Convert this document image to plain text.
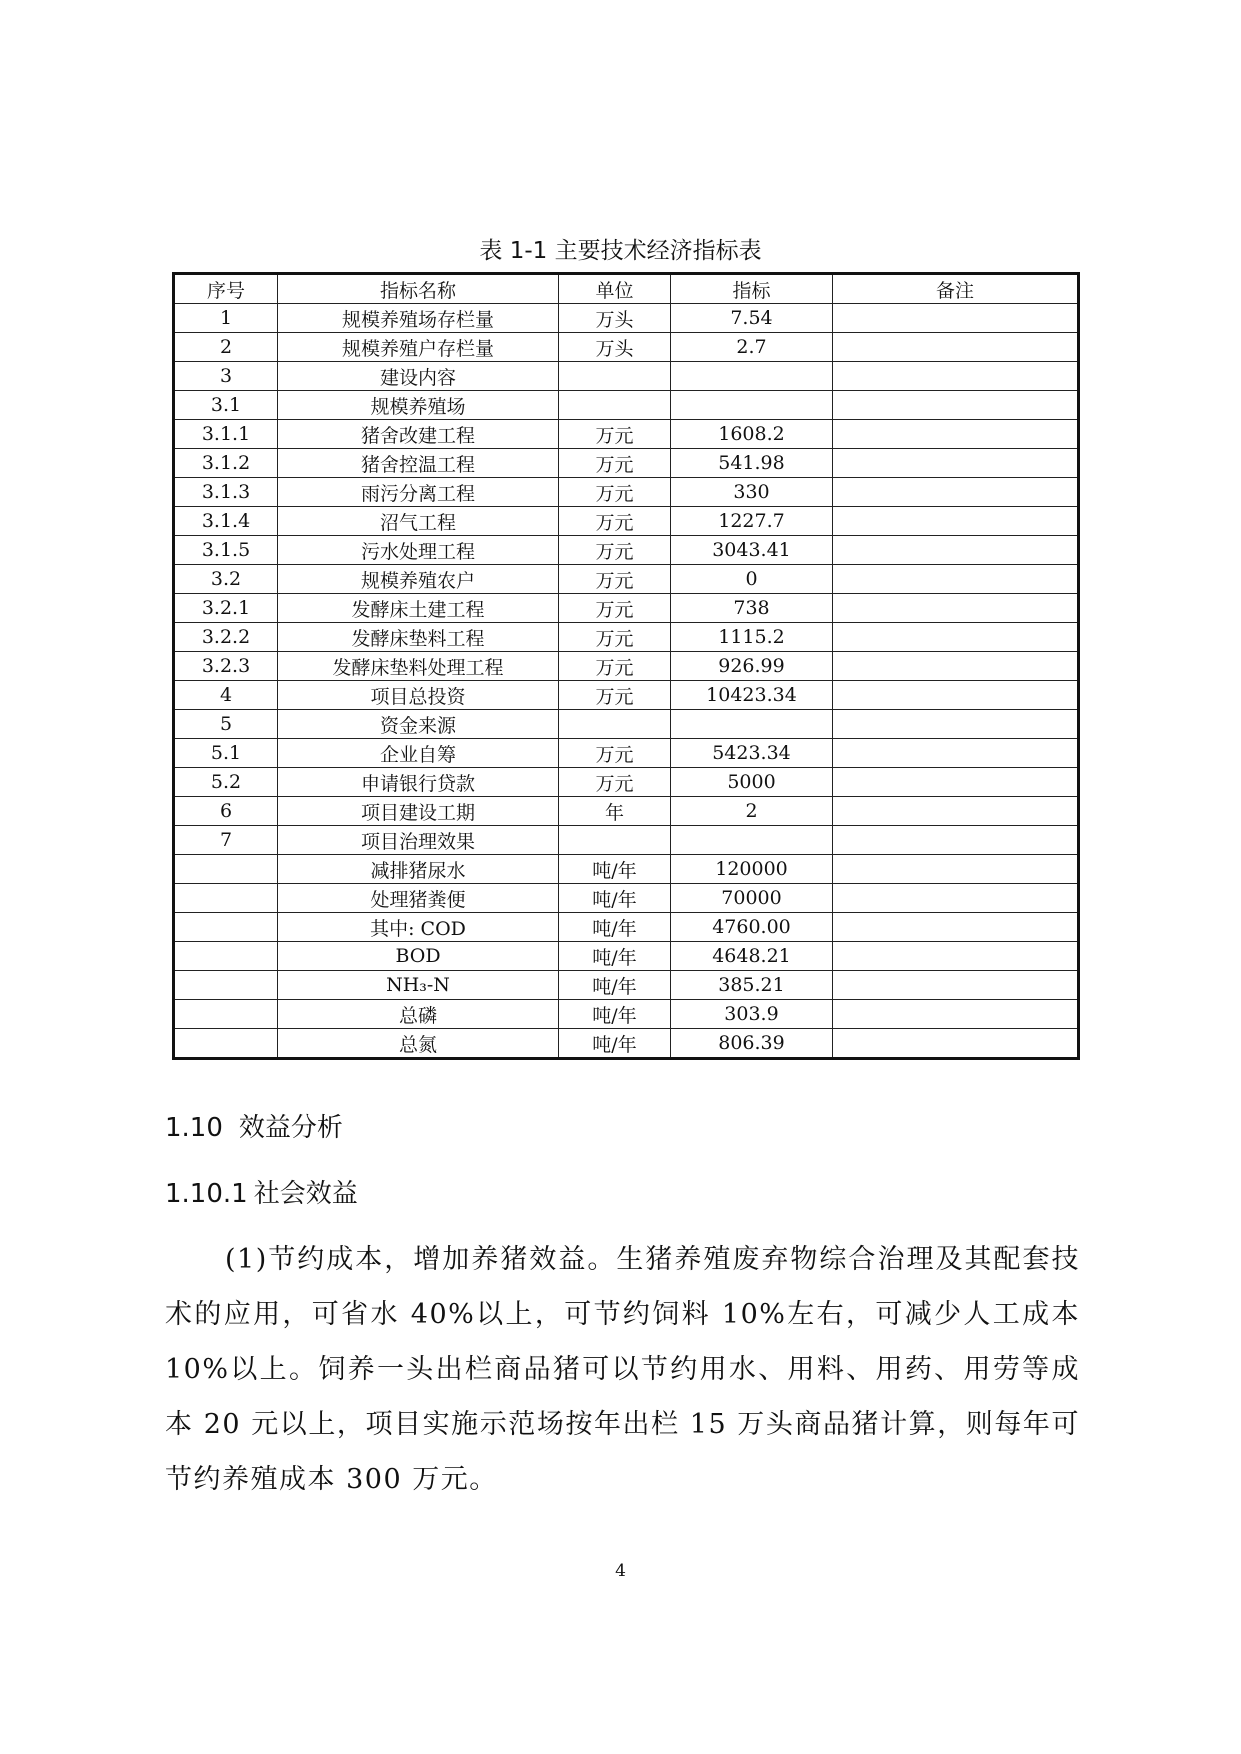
表 1-1 主要技术经济指标表
序号	指标名称	单位	指标	备注
1	规模养殖场存栏量	万头	7.54	
2	规模养殖户存栏量	万头	2.7	
3	建设内容			
3.1	规模养殖场			
3.1.1	猪舍改建工程	万元	1608.2	
3.1.2	猪舍控温工程	万元	541.98	
3.1.3	雨污分离工程	万元	330	
3.1.4	沼气工程	万元	1227.7	
3.1.5	污水处理工程	万元	3043.41	
3.2	规模养殖农户	万元	0	
3.2.1	发酵床土建工程	万元	738	
3.2.2	发酵床垫料工程	万元	1115.2	
3.2.3	发酵床垫料处理工程	万元	926.99	
4	项目总投资	万元	10423.34	
5	资金来源			
5.1	企业自筹	万元	5423.34	
5.2	申请银行贷款	万元	5000	
6	项目建设工期	年	2	
7	项目治理效果			
	减排猪尿水	吨/年	120000	
	处理猪粪便	吨/年	70000	
	其中: COD	吨/年	4760.00	
	BOD	吨/年	4648.21	
	NH₃-N	吨/年	385.21	
	总磷	吨/年	303.9	
	总氮	吨/年	806.39	
1.10 效益分析
1.10.1 社会效益

(1)节约成本，增加养猪效益。生猪养殖废弃物综合治理及其配套技术的应用，可省水 40%以上，可节约饲料 10%左右，可减少人工成本 10%以上。饲养一头出栏商品猪可以节约用水、用料、用药、用劳等成本 20 元以上，项目实施示范场按年出栏 15 万头商品猪计算，则每年可节约养殖成本 300 万元。

4
